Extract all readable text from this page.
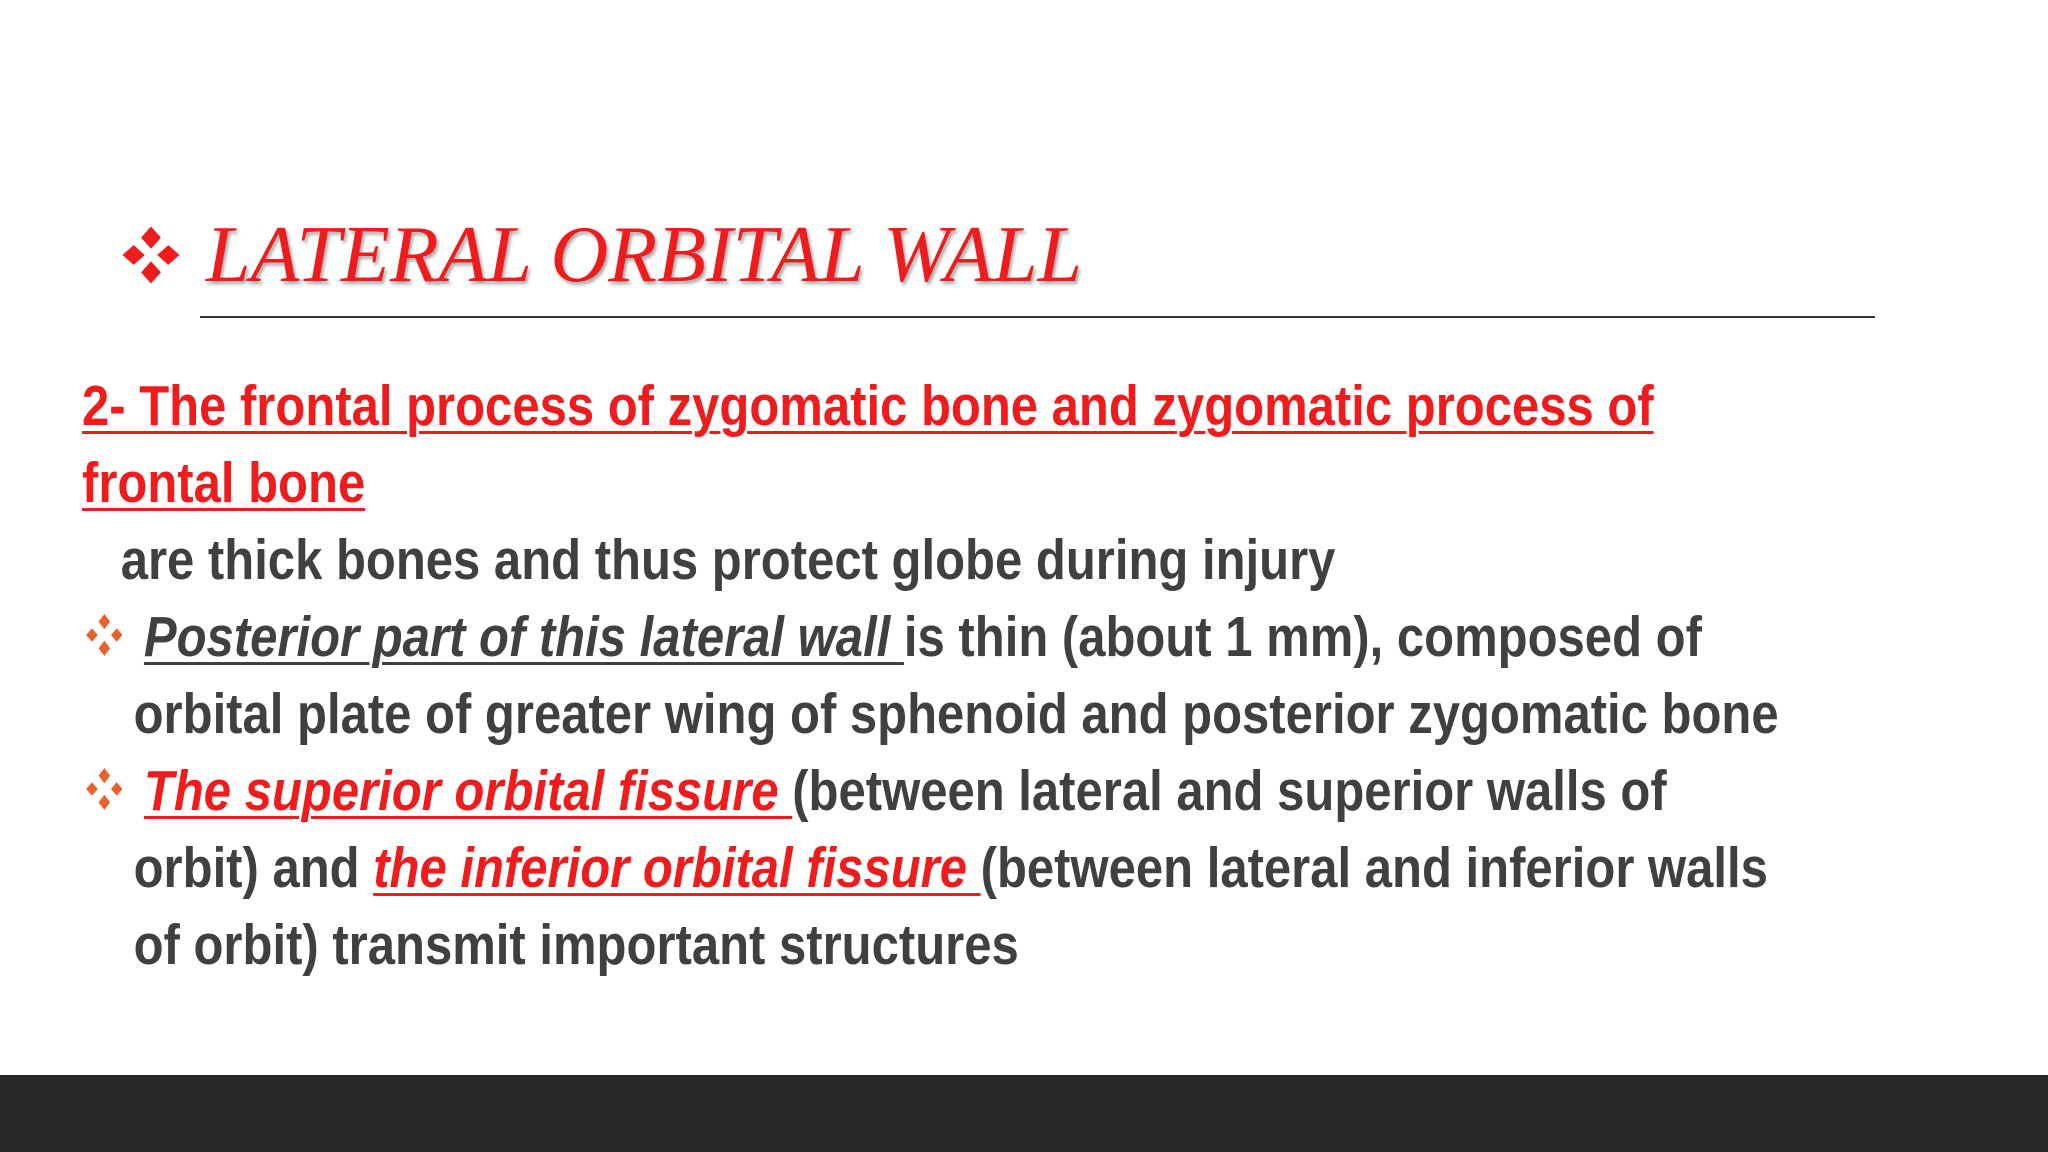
LATERAL ORBITAL WALL
2- The frontal process of zygomatic bone and zygomatic process of
frontal bone
are thick bones and thus protect globe during injury
Posterior part of this lateral wall is thin (about 1 mm), composed of
orbital plate of greater wing of sphenoid and posterior zygomatic bone
The superior orbital fissure (between lateral and superior walls of
orbit) and the inferior orbital fissure (between lateral and inferior walls
of orbit) transmit important structures
